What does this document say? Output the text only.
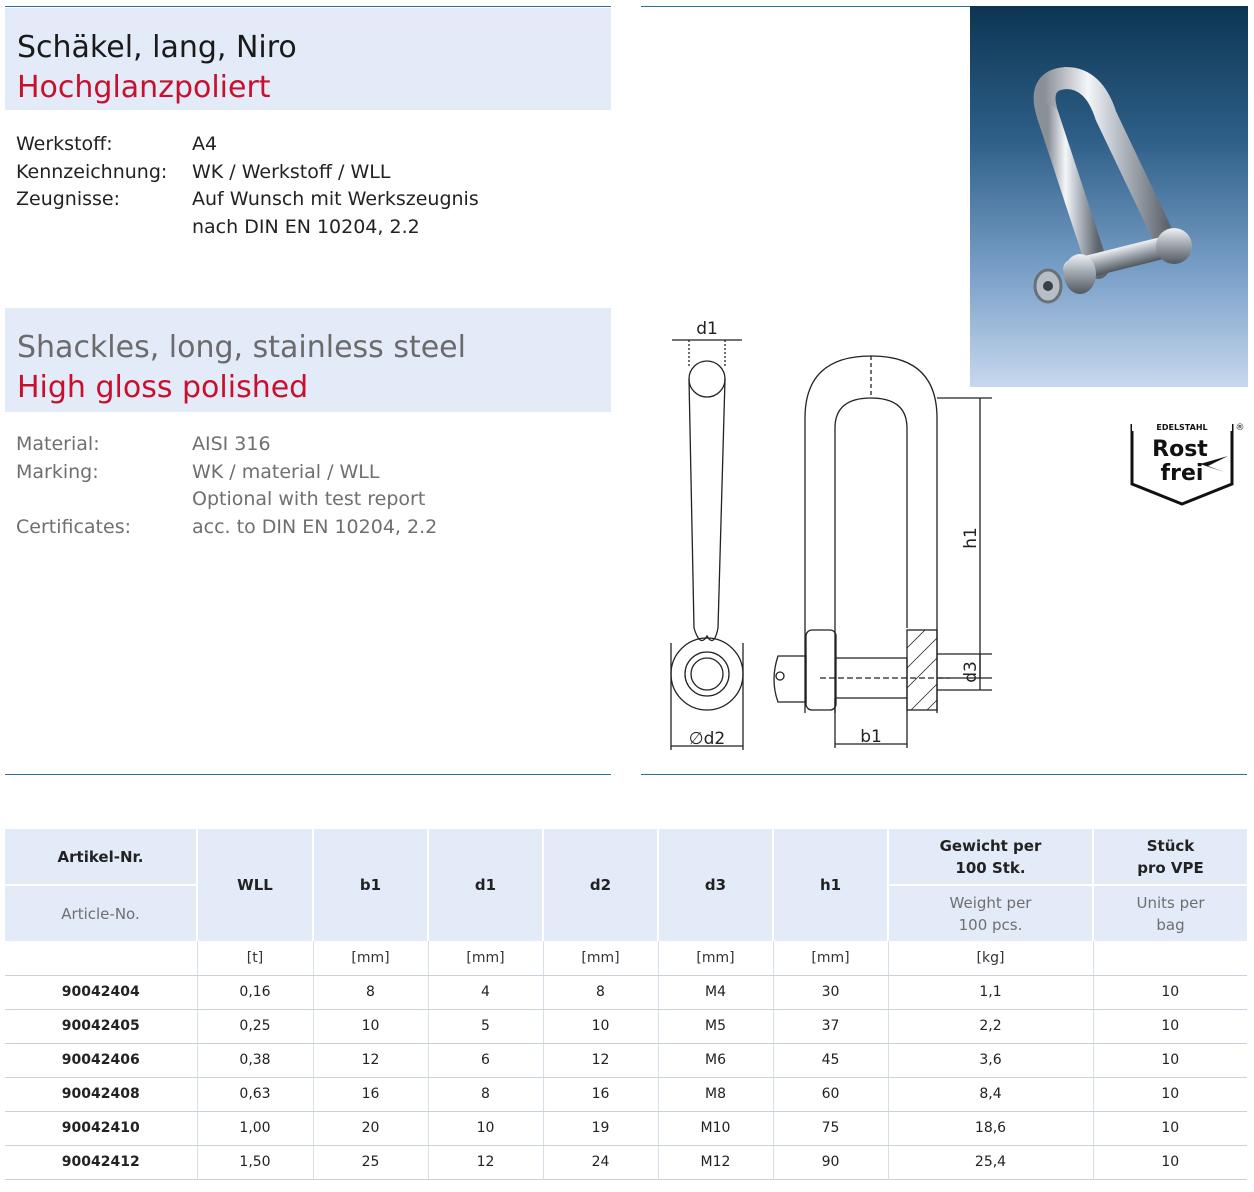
Schäkel, lang, Niro
Hochglanzpoliert
Werkstoff:	A4
Kennzeichnung:	WK / Werkstoff / WLL
Zeugnisse:	Auf Wunsch mit Werkszeugnis
nach DIN EN 10204, 2.2
Shackles, long, stainless steel
High gloss polished
Material:	AISI 316
Marking:	WK / material / WLL
Optional with test report
Certificates:	acc. to DIN EN 10204, 2.2
d1
∅d2	b1
h1
d3
EDELSTAHL	®
Rost
frei
Artikel-Nr.	WLL	b1	d1	d2	d3	h1	Gewicht per 100 Stk.	Stück pro VPE

Article-No.							Weight per 100 pcs.	Units per bag

	[t]	[mm]	[mm]	[mm]	[mm]	[mm]	[kg]	
90042404	0,16	8	4	8	M4	30	1,1	10
90042405	0,25	10	5	10	M5	37	2,2	10
90042406	0,38	12	6	12	M6	45	3,6	10
90042408	0,63	16	8	16	M8	60	8,4	10
90042410	1,00	20	10	19	M10	75	18,6	10
90042412	1,50	25	12	24	M12	90	25,4	10
